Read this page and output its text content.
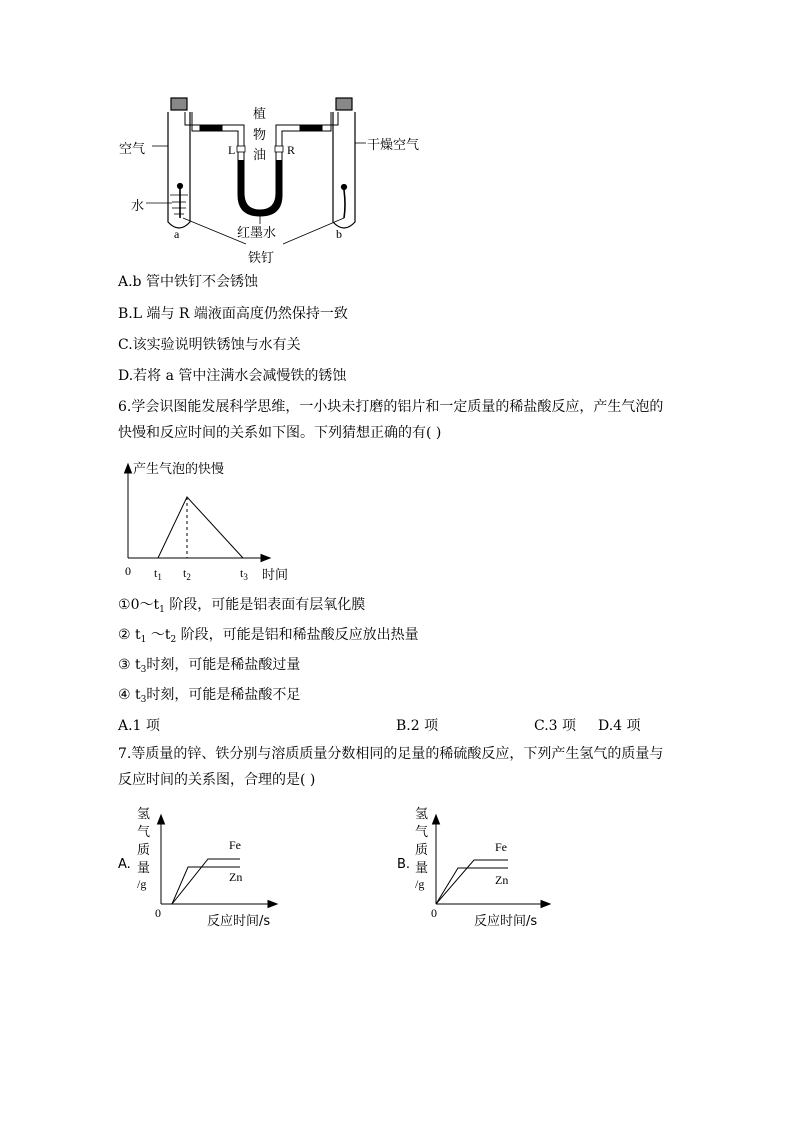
空气
水
a
植
物
油
L	R	干燥空气
红墨水	b
铁钉
A.b 管中铁钉不会锈蚀
B.L 端与 R 端液面高度仍然保持一致
C.该实验说明铁锈蚀与水有关
D.若将 a 管中注满水会减慢铁的锈蚀
6.学会识图能发展科学思维，一小块未打磨的铝片和一定质量的稀盐酸反应，产生气泡的
快慢和反应时间的关系如下图。下列猜想正确的有( )
产生气泡的快慢
0 $t_1$ $t_2$	$t_3$ 时间
$①0\sim t_1$ 阶段，可能是铝表面有层氧化膜
② $t_1$ $\sim t_2$ 阶段，可能是铝和稀盐酸反应放出热量
③ $t_3$时刻，可能是稀盐酸过量
④ $t_3$时刻，可能是稀盐酸不足
A.1 项	B.2 项	C.3 项 D.4 项
7.等质量的锌、铁分别与溶质质量分数相同的足量的稀硫酸反应，下列产生氢气的质量与
反应时间的关系图，合理的是( )
A.
氢
气
质
量
/g
Fe
Zn
0
反应时间/s
B.
氢
气
质
量
/g
Fe
Zn
0
反应时间/s
